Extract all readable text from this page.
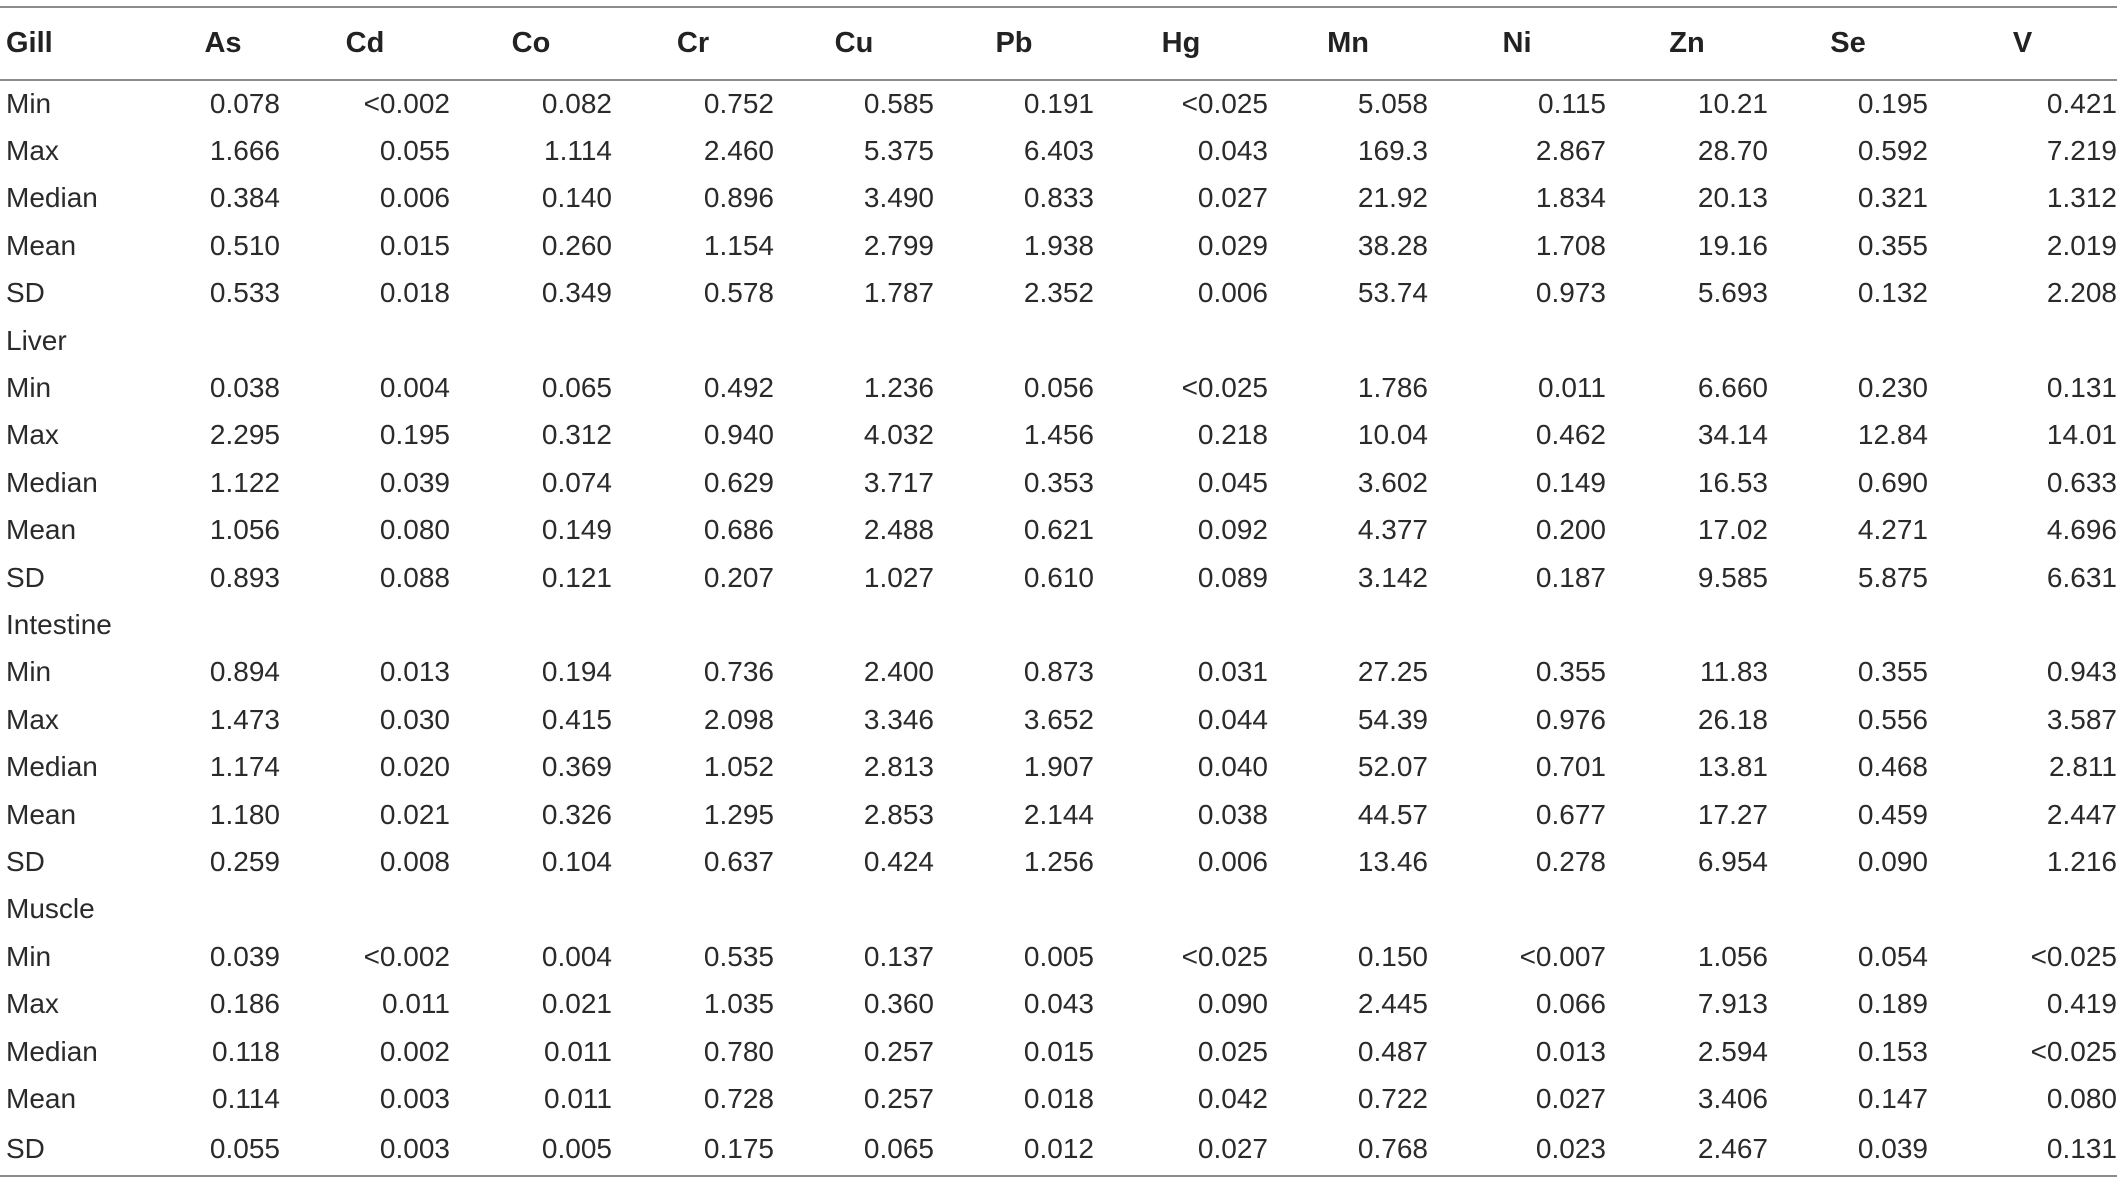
Gill	As	Cd	Co	Cr	Cu	Pb	Hg	Mn	Ni	Zn	Se	V
Min	0.078	<0.002	0.082	0.752	0.585	0.191	<0.025	5.058	0.115	10.21	0.195	0.421
Max	1.666	0.055	1.114	2.460	5.375	6.403	0.043	169.3	2.867	28.70	0.592	7.219
Median	0.384	0.006	0.140	0.896	3.490	0.833	0.027	21.92	1.834	20.13	0.321	1.312
Mean	0.510	0.015	0.260	1.154	2.799	1.938	0.029	38.28	1.708	19.16	0.355	2.019
SD	0.533	0.018	0.349	0.578	1.787	2.352	0.006	53.74	0.973	5.693	0.132	2.208
Liver												
Min	0.038	0.004	0.065	0.492	1.236	0.056	<0.025	1.786	0.011	6.660	0.230	0.131
Max	2.295	0.195	0.312	0.940	4.032	1.456	0.218	10.04	0.462	34.14	12.84	14.01
Median	1.122	0.039	0.074	0.629	3.717	0.353	0.045	3.602	0.149	16.53	0.690	0.633
Mean	1.056	0.080	0.149	0.686	2.488	0.621	0.092	4.377	0.200	17.02	4.271	4.696
SD	0.893	0.088	0.121	0.207	1.027	0.610	0.089	3.142	0.187	9.585	5.875	6.631
Intestine												
Min	0.894	0.013	0.194	0.736	2.400	0.873	0.031	27.25	0.355	11.83	0.355	0.943
Max	1.473	0.030	0.415	2.098	3.346	3.652	0.044	54.39	0.976	26.18	0.556	3.587
Median	1.174	0.020	0.369	1.052	2.813	1.907	0.040	52.07	0.701	13.81	0.468	2.811
Mean	1.180	0.021	0.326	1.295	2.853	2.144	0.038	44.57	0.677	17.27	0.459	2.447
SD	0.259	0.008	0.104	0.637	0.424	1.256	0.006	13.46	0.278	6.954	0.090	1.216
Muscle												
Min	0.039	<0.002	0.004	0.535	0.137	0.005	<0.025	0.150	<0.007	1.056	0.054	<0.025
Max	0.186	0.011	0.021	1.035	0.360	0.043	0.090	2.445	0.066	7.913	0.189	0.419
Median	0.118	0.002	0.011	0.780	0.257	0.015	0.025	0.487	0.013	2.594	0.153	<0.025
Mean	0.114	0.003	0.011	0.728	0.257	0.018	0.042	0.722	0.027	3.406	0.147	0.080
SD	0.055	0.003	0.005	0.175	0.065	0.012	0.027	0.768	0.023	2.467	0.039	0.131
